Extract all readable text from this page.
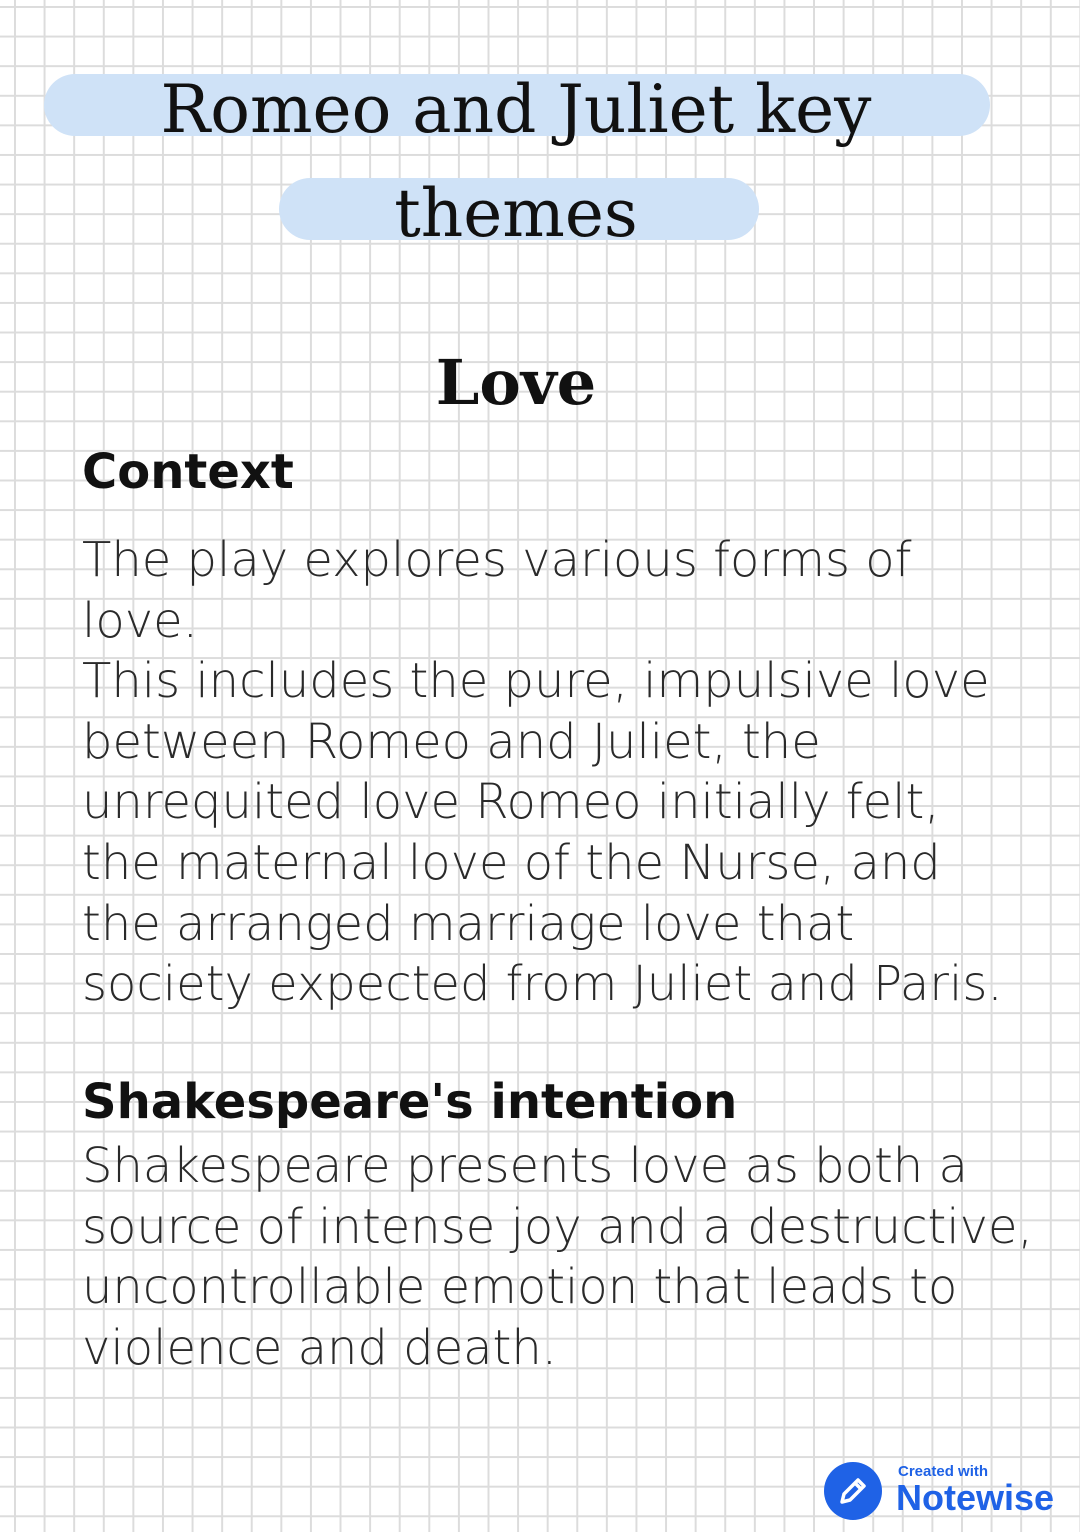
Romeo and Juliet key
themes
Love
Context
The play explores various forms of
love.
This includes the pure, impulsive love
between Romeo and Juliet, the
unrequited love Romeo initially felt,
the maternal love of the Nurse, and
the arranged marriage love that
society expected from Juliet and Paris.
Shakespeare's intention
Shakespeare presents love as both a
source of intense joy and a destructive,
uncontrollable emotion that leads to
violence and death.
Created with
Notewise
